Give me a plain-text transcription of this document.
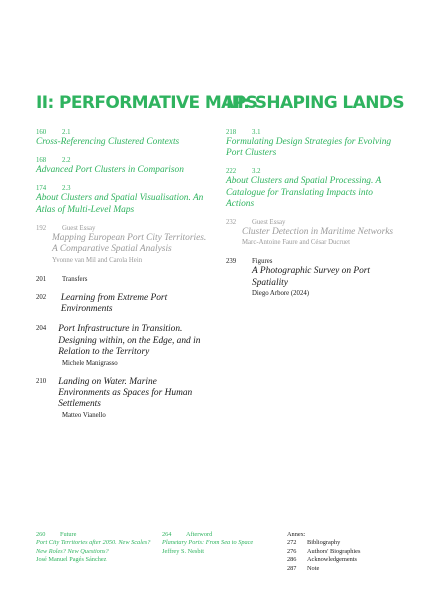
II: PERFORMATIVE MAPS
160	2.1
Cross-Referencing Clustered Contexts
168	2.2
Advanced Port Clusters in Comparison
174	2.3
About Clusters and Spatial Visualisation. An Atlas of Multi-Level Maps
192	Guest Essay
Mapping European Port City Territories. A Comparative Spatial Analysis
Yvonne van Mil and Carola Hein
201	Transfers
202 Learning from Extreme Port Environments
204 Port Infrastructure in Transition. Designing within, on the Edge, and in Relation to the Territory
Michele Manigrasso
210 Landing on Water. Marine Environments as Spaces for Human Settlements
Matteo Vianello
III: SHAPING LANDS
218	3.1
Formulating Design Strategies for Evolving Port Clusters
222	3.2
About Clusters and Spatial Processing. A Catalogue for Translating Impacts into Actions
232	Guest Essay
Cluster Detection in Maritime Networks
Marc-Antoine Faure and César Ducruet
239	Figures
A Photographic Survey on Port Spatiality
Diego Arbore (2024)
260	Future
Port City Territories after 2050. New Scales? New Roles? New Questions?
José Manuel Pagés Sánchez
264	Afterword
Planetary Ports: From Sea to Space
Jeffrey S. Nesbit
Annex:
272	Bibliography
276	Authors' Biographies
286	Acknowledgements
287	Note
